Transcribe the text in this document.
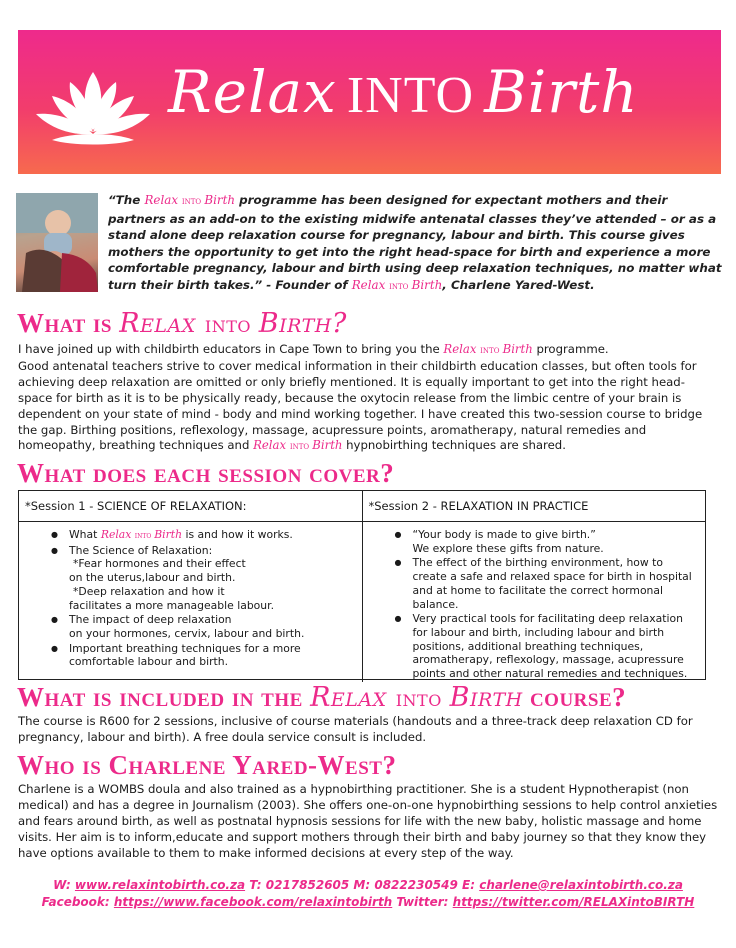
Relax INTO Birth
“The Relax into Birth programme has been designed for expectant mothers and their partners as an add-on to the existing midwife antenatal classes they’ve attended – or as a stand alone deep relaxation course for pregnancy, labour and birth. This course gives mothers the opportunity to get into the right head-space for birth and experience a more comfortable pregnancy, labour and birth using deep relaxation techniques, no matter what turn their birth takes.” - Founder of Relax into Birth, Charlene Yared-West.
What is Relax into Birth?
I have joined up with childbirth educators in Cape Town to bring you the Relax into Birth programme.
Good antenatal teachers strive to cover medical information in their childbirth education classes, but often tools for achieving deep relaxation are omitted or only briefly mentioned. It is equally important to get into the right head-space for birth as it is to be physically ready, because the oxytocin release from the limbic centre of your brain is dependent on your state of mind - body and mind working together. I have created this two-session course to bridge the gap. Birthing positions, reflexology, massage, acupressure points, aromatherapy, natural remedies and homeopathy, breathing techniques and Relax into Birth hypnobirthing techniques are shared.
What does each session cover?
*Session 1 - SCIENCE OF RELAXATION:	*Session 2 - RELAXATION IN PRACTICE
● What Relax into Birth is and how it works.
● The Science of Relaxation:
*Fear hormones and their effect
on the uterus,labour and birth.
*Deep relaxation and how it
facilitates a more manageable labour.
● The impact of deep relaxation
on your hormones, cervix, labour and birth.
● Important breathing techniques for a more comfortable labour and birth.
● “Your body is made to give birth.”
We explore these gifts from nature.
● The effect of the birthing environment, how to create a safe and relaxed space for birth in hospital and at home to facilitate the correct hormonal balance.
● Very practical tools for facilitating deep relaxation for labour and birth, including labour and birth positions, additional breathing techniques, aromatherapy, reflexology, massage, acupressure points and other natural remedies and techniques.
What is included in the Relax into Birth course?
The course is R600 for 2 sessions, inclusive of course materials (handouts and a three-track deep relaxation CD for pregnancy, labour and birth). A free doula service consult is included.
Who is Charlene Yared-West?
Charlene is a WOMBS doula and also trained as a hypnobirthing practitioner. She is a student Hypnotherapist (non medical) and has a degree in Journalism (2003). She offers one-on-one hypnobirthing sessions to help control anxieties and fears around birth, as well as postnatal hypnosis sessions for life with the new baby, holistic massage and home visits. Her aim is to inform,educate and support mothers through their birth and baby journey so that they know they have options available to them to make informed decisions at every step of the way.
W: www.relaxintobirth.co.za T: 0217852605 M: 0822230549 E: charlene@relaxintobirth.co.za
Facebook: https://www.facebook.com/relaxintobirth Twitter: https://twitter.com/RELAXintoBIRTH
